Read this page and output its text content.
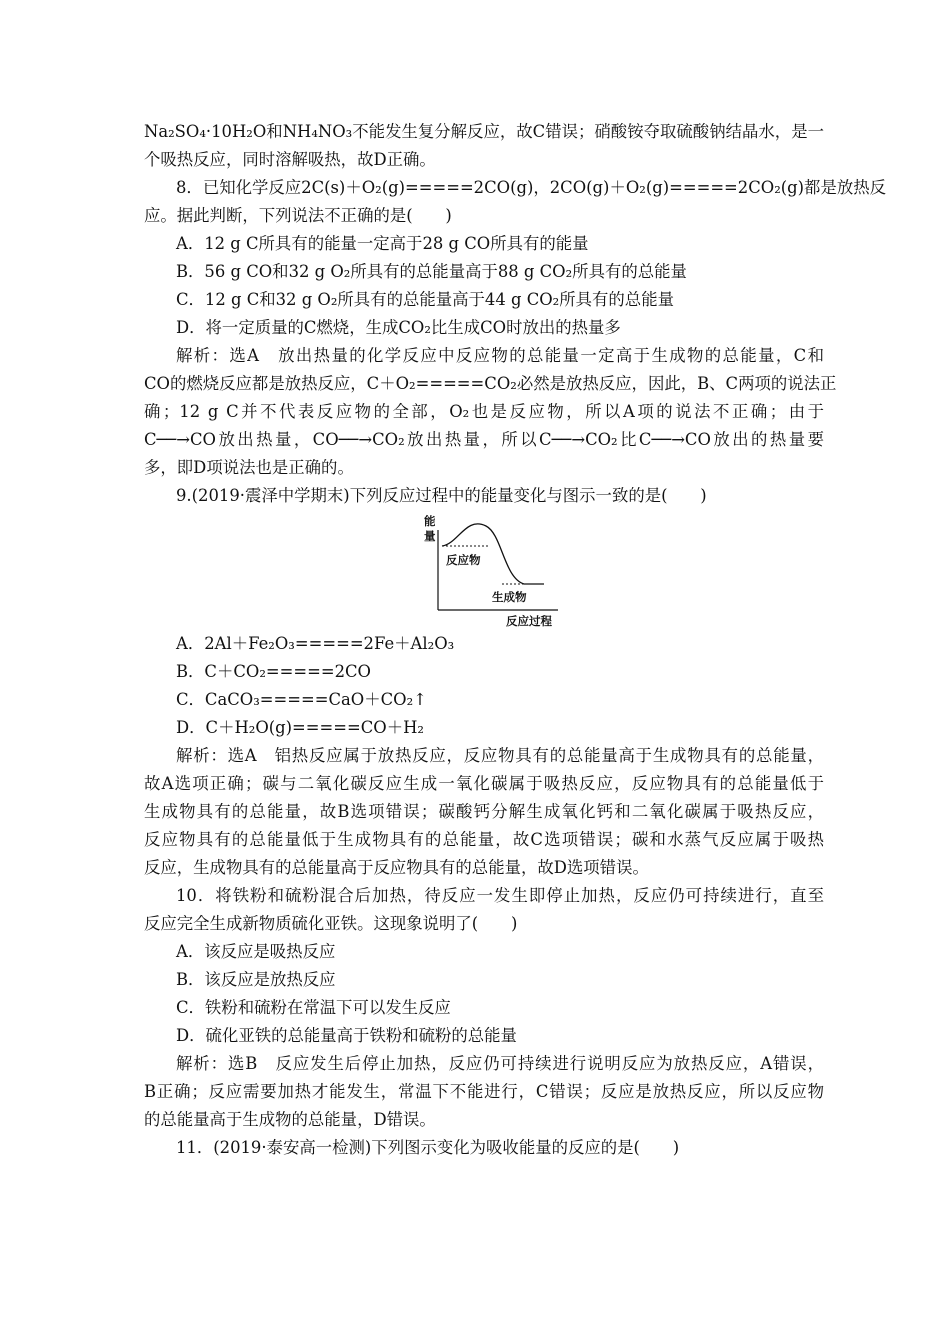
Na₂SO₄·10H₂O和NH₄NO₃不能发生复分解反应，故C错误；硝酸铵夺取硫酸钠结晶水，是一
个吸热反应，同时溶解吸热，故D正确。
8．已知化学反应2C(s)＋O₂(g)=====2CO(g)，2CO(g)＋O₂(g)=====2CO₂(g)都是放热反
应。据此判断，下列说法不正确的是(　　)
A．12 g C所具有的能量一定高于28 g CO所具有的能量
B．56 g CO和32 g O₂所具有的总能量高于88 g CO₂所具有的总能量
C．12 g C和32 g O₂所具有的总能量高于44 g CO₂所具有的总能量
D．将一定质量的C燃烧，生成CO₂比生成CO时放出的热量多
解析：选A　放出热量的化学反应中反应物的总能量一定高于生成物的总能量，C和
CO的燃烧反应都是放热反应，C＋O₂=====CO₂必然是放热反应，因此，B、C两项的说法正
确；12 g C并不代表反应物的全部，O₂也是反应物，所以A项的说法不正确；由于
C──→CO放出热量，CO──→CO₂放出热量，所以C──→CO₂比C──→CO放出的热量要
多，即D项说法也是正确的。
9.(2019·震泽中学期末)下列反应过程中的能量变化与图示一致的是(　　)
能
量
反应物
生成物
反应过程
A．2Al＋Fe₂O₃=====2Fe＋Al₂O₃
B．C＋CO₂=====2CO
C．CaCO₃=====CaO＋CO₂↑
D．C＋H₂O(g)=====CO＋H₂
解析：选A　铝热反应属于放热反应，反应物具有的总能量高于生成物具有的总能量，
故A选项正确；碳与二氧化碳反应生成一氧化碳属于吸热反应，反应物具有的总能量低于
生成物具有的总能量，故B选项错误；碳酸钙分解生成氧化钙和二氧化碳属于吸热反应，
反应物具有的总能量低于生成物具有的总能量，故C选项错误；碳和水蒸气反应属于吸热
反应，生成物具有的总能量高于反应物具有的总能量，故D选项错误。
10．将铁粉和硫粉混合后加热，待反应一发生即停止加热，反应仍可持续进行，直至
反应完全生成新物质硫化亚铁。这现象说明了(　　)
A．该反应是吸热反应
B．该反应是放热反应
C．铁粉和硫粉在常温下可以发生反应
D．硫化亚铁的总能量高于铁粉和硫粉的总能量
解析：选B　反应发生后停止加热，反应仍可持续进行说明反应为放热反应，A错误，
B正确；反应需要加热才能发生，常温下不能进行，C错误；反应是放热反应，所以反应物
的总能量高于生成物的总能量，D错误。
11．(2019·泰安高一检测)下列图示变化为吸收能量的反应的是(　　)
